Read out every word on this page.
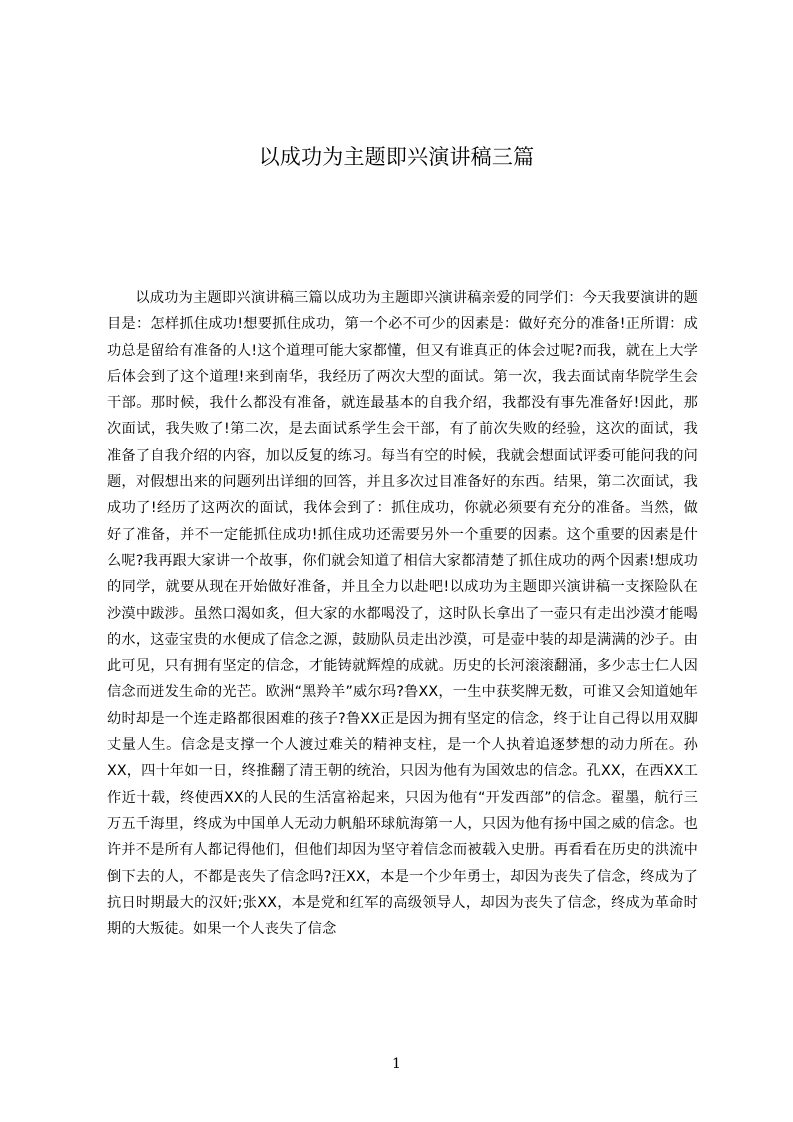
以成功为主题即兴演讲稿三篇

以成功为主题即兴演讲稿三篇以成功为主题即兴演讲稿亲爱的同学们：今天我要演讲的题目是：怎样抓住成功!想要抓住成功，第一个必不可少的因素是：做好充分的准备!正所谓：成功总是留给有准备的人!这个道理可能大家都懂，但又有谁真正的体会过呢?而我，就在上大学后体会到了这个道理!来到南华，我经历了两次大型的面试。第一次，我去面试南华院学生会干部。那时候，我什么都没有准备，就连最基本的自我介绍，我都没有事先准备好!因此，那次面试，我失败了!第二次，是去面试系学生会干部，有了前次失败的经验，这次的面试，我准备了自我介绍的内容，加以反复的练习。每当有空的时候，我就会想面试评委可能问我的问题，对假想出来的问题列出详细的回答，并且多次过目准备好的东西。结果，第二次面试，我成功了!经历了这两次的面试，我体会到了：抓住成功，你就必须要有充分的准备。当然，做好了准备，并不一定能抓住成功!抓住成功还需要另外一个重要的因素。这个重要的因素是什么呢?我再跟大家讲一个故事，你们就会知道了相信大家都清楚了抓住成功的两个因素!想成功的同学，就要从现在开始做好准备，并且全力以赴吧!以成功为主题即兴演讲稿一支探险队在沙漠中跋涉。虽然口渴如炙，但大家的水都喝没了，这时队长拿出了一壶只有走出沙漠才能喝的水，这壶宝贵的水便成了信念之源，鼓励队员走出沙漠，可是壶中装的却是满满的沙子。由此可见，只有拥有坚定的信念，才能铸就辉煌的成就。历史的长河滚滚翻涌，多少志士仁人因信念而迸发生命的光芒。欧洲“黑羚羊”威尔玛?鲁XX，一生中获奖牌无数，可谁又会知道她年幼时却是一个连走路都很困难的孩子?鲁XX正是因为拥有坚定的信念，终于让自己得以用双脚丈量人生。信念是支撑一个人渡过难关的精神支柱，是一个人执着追逐梦想的动力所在。孙XX，四十年如一日，终推翻了清王朝的统治，只因为他有为国效忠的信念。孔XX，在西XX工作近十载，终使西XX的人民的生活富裕起来，只因为他有“开发西部”的信念。翟墨，航行三万五千海里，终成为中国单人无动力帆船环球航海第一人，只因为他有扬中国之威的信念。也许并不是所有人都记得他们，但他们却因为坚守着信念而被载入史册。再看看在历史的洪流中倒下去的人，不都是丧失了信念吗?汪XX，本是一个少年勇士，却因为丧失了信念，终成为了抗日时期最大的汉奸;张XX，本是党和红军的高级领导人，却因为丧失了信念，终成为革命时期的大叛徒。如果一个人丧失了信念

1
